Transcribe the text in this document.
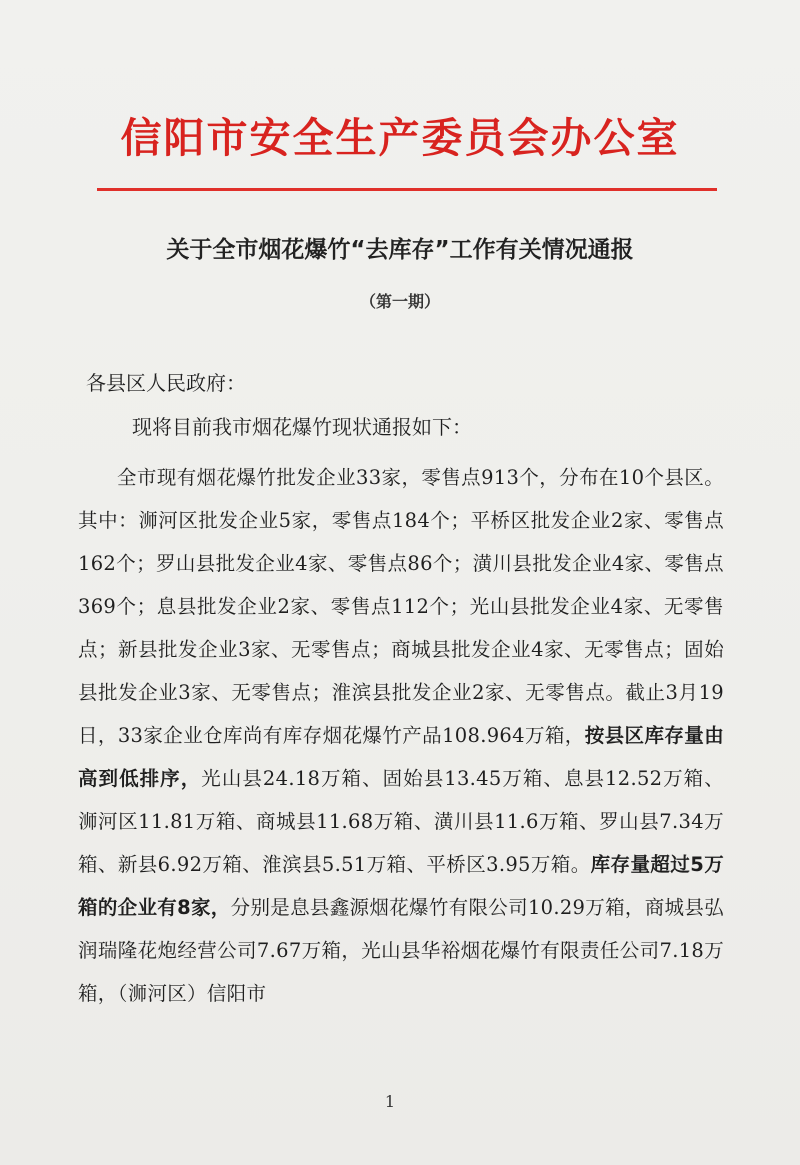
信阳市安全生产委员会办公室
关于全市烟花爆竹“去库存”工作有关情况通报
（第一期）
各县区人民政府：
现将目前我市烟花爆竹现状通报如下：
全市现有烟花爆竹批发企业33家，零售点913个，分布在10个县区。其中：浉河区批发企业5家，零售点184个；平桥区批发企业2家、零售点162个；罗山县批发企业4家、零售点86个；潢川县批发企业4家、零售点369个；息县批发企业2家、零售点112个；光山县批发企业4家、无零售点；新县批发企业3家、无零售点；商城县批发企业4家、无零售点；固始县批发企业3家、无零售点；淮滨县批发企业2家、无零售点。截止3月19日，33家企业仓库尚有库存烟花爆竹产品108.964万箱，按县区库存量由高到低排序，光山县24.18万箱、固始县13.45万箱、息县12.52万箱、浉河区11.81万箱、商城县11.68万箱、潢川县11.6万箱、罗山县7.34万箱、新县6.92万箱、淮滨县5.51万箱、平桥区3.95万箱。库存量超过5万箱的企业有8家，分别是息县鑫源烟花爆竹有限公司10.29万箱，商城县弘润瑞隆花炮经营公司7.67万箱，光山县华裕烟花爆竹有限责任公司7.18万箱，（浉河区）信阳市
1
